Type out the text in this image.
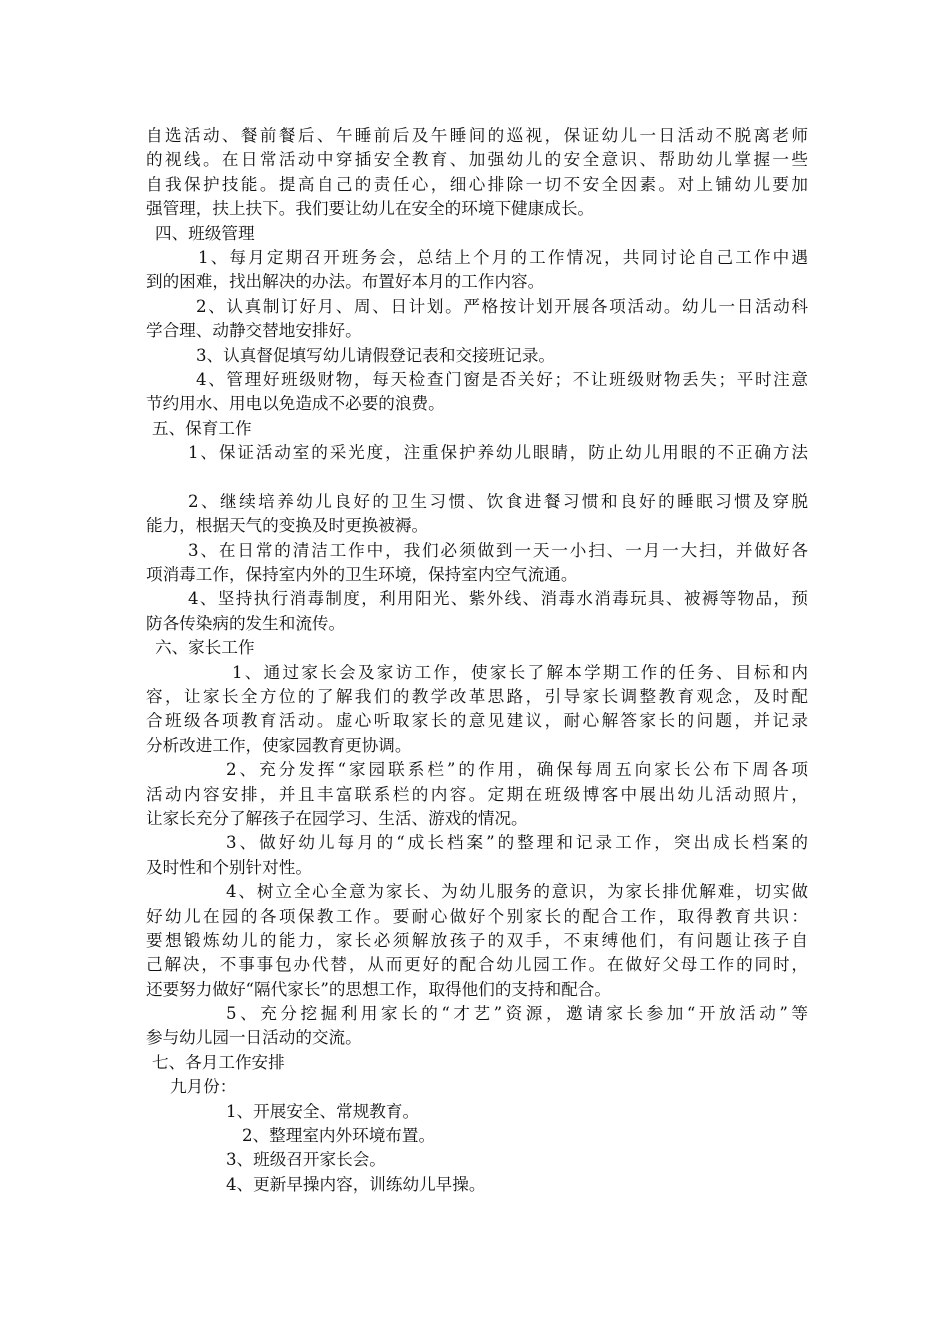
自选活动、餐前餐后、午睡前后及午睡间的巡视，保证幼儿一日活动不脱离老师
的视线。在日常活动中穿插安全教育、加强幼儿的安全意识、帮助幼儿掌握一些
自我保护技能。提高自己的责任心，细心排除一切不安全因素。对上铺幼儿要加
强管理，扶上扶下。我们要让幼儿在安全的环境下健康成长。
四、班级管理
1、每月定期召开班务会，总结上个月的工作情况，共同讨论自己工作中遇
到的困难，找出解决的办法。布置好本月的工作内容。
2、认真制订好月、周、日计划。严格按计划开展各项活动。幼儿一日活动科
学合理、动静交替地安排好。
3、认真督促填写幼儿请假登记表和交接班记录。
4、管理好班级财物，每天检查门窗是否关好；不让班级财物丢失；平时注意
节约用水、用电以免造成不必要的浪费。
五、保育工作
1、保证活动室的采光度，注重保护养幼儿眼睛，防止幼儿用眼的不正确方法
2、继续培养幼儿良好的卫生习惯、饮食进餐习惯和良好的睡眠习惯及穿脱
能力，根据天气的变换及时更换被褥。
3、在日常的清洁工作中，我们必须做到一天一小扫、一月一大扫，并做好各
项消毒工作，保持室内外的卫生环境，保持室内空气流通。
4、坚持执行消毒制度，利用阳光、紫外线、消毒水消毒玩具、被褥等物品，预
防各传染病的发生和流传。
六、家长工作
1、通过家长会及家访工作，使家长了解本学期工作的任务、目标和内
容，让家长全方位的了解我们的教学改革思路，引导家长调整教育观念，及时配
合班级各项教育活动。虚心听取家长的意见建议，耐心解答家长的问题，并记录
分析改进工作，使家园教育更协调。
2、充分发挥“家园联系栏”的作用，确保每周五向家长公布下周各项
活动内容安排，并且丰富联系栏的内容。定期在班级博客中展出幼儿活动照片，
让家长充分了解孩子在园学习、生活、游戏的情况。
3、做好幼儿每月的“成长档案”的整理和记录工作，突出成长档案的
及时性和个别针对性。
4、树立全心全意为家长、为幼儿服务的意识，为家长排优解难，切实做
好幼儿在园的各项保教工作。要耐心做好个别家长的配合工作，取得教育共识：
要想锻炼幼儿的能力，家长必须解放孩子的双手，不束缚他们，有问题让孩子自
己解决，不事事包办代替，从而更好的配合幼儿园工作。在做好父母工作的同时，
还要努力做好“隔代家长”的思想工作，取得他们的支持和配合。
5、充分挖掘利用家长的“才艺”资源，邀请家长参加“开放活动”等
参与幼儿园一日活动的交流。
七、各月工作安排
九月份：
1、开展安全、常规教育。
2、整理室内外环境布置。
3、班级召开家长会。
4、更新早操内容，训练幼儿早操。
